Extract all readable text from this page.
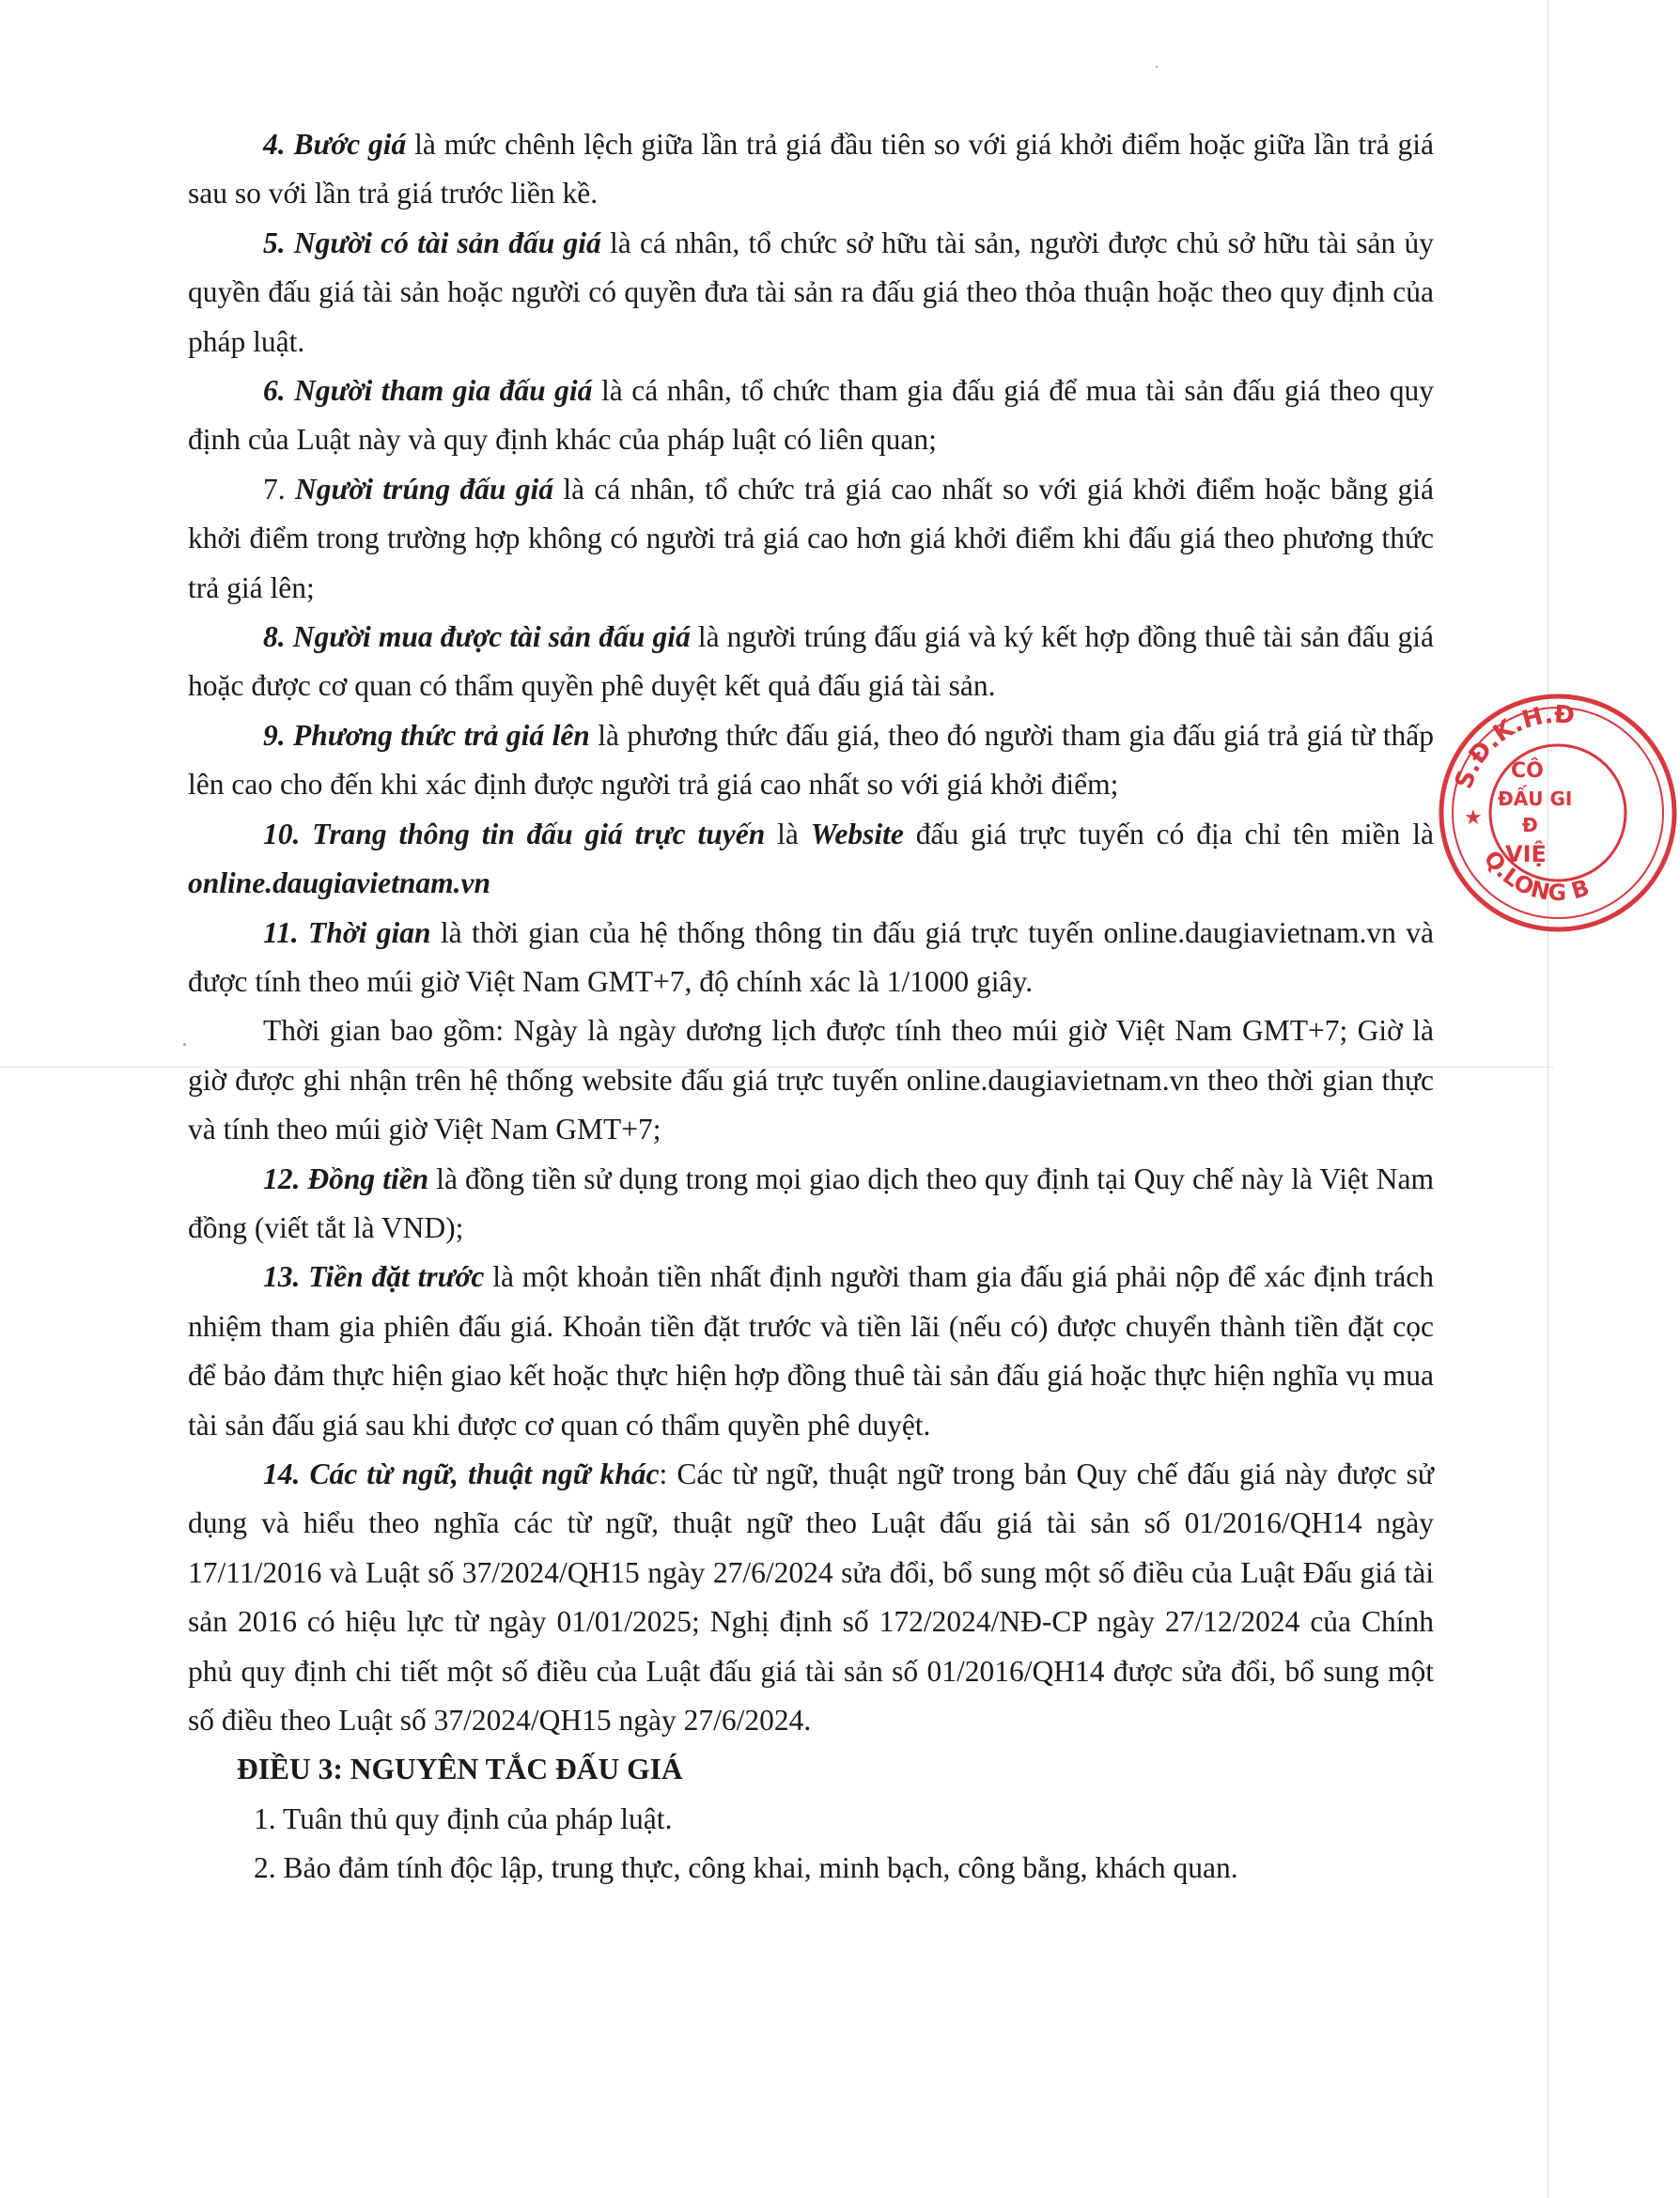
4. Bước giá là mức chênh lệch giữa lần trả giá đầu tiên so với giá khởi điểm hoặc giữa lần trả giá sau so với lần trả giá trước liền kề.

5. Người có tài sản đấu giá là cá nhân, tổ chức sở hữu tài sản, người được chủ sở hữu tài sản ủy quyền đấu giá tài sản hoặc người có quyền đưa tài sản ra đấu giá theo thỏa thuận hoặc theo quy định của pháp luật.

6. Người tham gia đấu giá là cá nhân, tổ chức tham gia đấu giá để mua tài sản đấu giá theo quy định của Luật này và quy định khác của pháp luật có liên quan;

7. Người trúng đấu giá là cá nhân, tổ chức trả giá cao nhất so với giá khởi điểm hoặc bằng giá khởi điểm trong trường hợp không có người trả giá cao hơn giá khởi điểm khi đấu giá theo phương thức trả giá lên;

8. Người mua được tài sản đấu giá là người trúng đấu giá và ký kết hợp đồng thuê tài sản đấu giá hoặc được cơ quan có thẩm quyền phê duyệt kết quả đấu giá tài sản.

9. Phương thức trả giá lên là phương thức đấu giá, theo đó người tham gia đấu giá trả giá từ thấp lên cao cho đến khi xác định được người trả giá cao nhất so với giá khởi điểm;

10. Trang thông tin đấu giá trực tuyến là Website đấu giá trực tuyến có địa chỉ tên miền là online.daugiavietnam.vn

11. Thời gian là thời gian của hệ thống thông tin đấu giá trực tuyến online.daugiavietnam.vn và được tính theo múi giờ Việt Nam GMT+7, độ chính xác là 1/1000 giây.

Thời gian bao gồm: Ngày là ngày dương lịch được tính theo múi giờ Việt Nam GMT+7; Giờ là giờ được ghi nhận trên hệ thống website đấu giá trực tuyến online.daugiavietnam.vn theo thời gian thực và tính theo múi giờ Việt Nam GMT+7;

12. Đồng tiền là đồng tiền sử dụng trong mọi giao dịch theo quy định tại Quy chế này là Việt Nam đồng (viết tắt là VND);

13. Tiền đặt trước là một khoản tiền nhất định người tham gia đấu giá phải nộp để xác định trách nhiệm tham gia phiên đấu giá. Khoản tiền đặt trước và tiền lãi (nếu có) được chuyển thành tiền đặt cọc để bảo đảm thực hiện giao kết hoặc thực hiện hợp đồng thuê tài sản đấu giá hoặc thực hiện nghĩa vụ mua tài sản đấu giá sau khi được cơ quan có thẩm quyền phê duyệt.

14. Các từ ngữ, thuật ngữ khác: Các từ ngữ, thuật ngữ trong bản Quy chế đấu giá này được sử dụng và hiểu theo nghĩa các từ ngữ, thuật ngữ theo Luật đấu giá tài sản số 01/2016/QH14 ngày 17/11/2016 và Luật số 37/2024/QH15 ngày 27/6/2024 sửa đổi, bổ sung một số điều của Luật Đấu giá tài sản 2016 có hiệu lực từ ngày 01/01/2025; Nghị định số 172/2024/NĐ-CP ngày 27/12/2024 của Chính phủ quy định chi tiết một số điều của Luật đấu giá tài sản số 01/2016/QH14 được sửa đổi, bổ sung một số điều theo Luật số 37/2024/QH15 ngày 27/6/2024.

ĐIỀU 3: NGUYÊN TẮC ĐẤU GIÁ

1. Tuân thủ quy định của pháp luật.

2. Bảo đảm tính độc lập, trung thực, công khai, minh bạch, công bằng, khách quan.

S.Đ.K.H.Đ
Q.LONG B
★
CÔ
ĐẤU GI
Đ
VIỆ
